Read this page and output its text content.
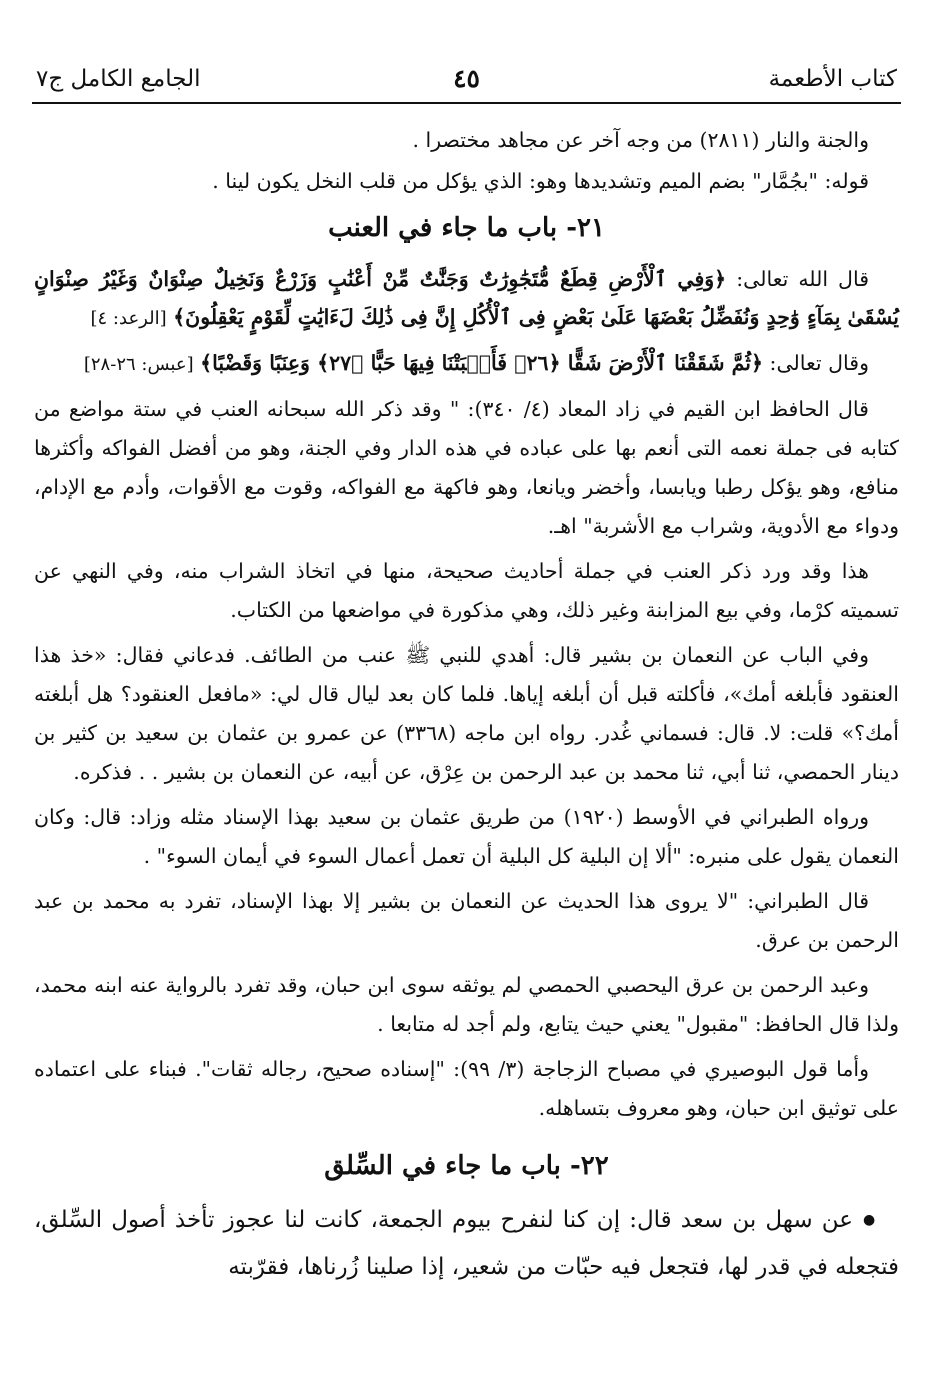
كتاب الأطعمة
٤٥
الجامع الكامل ج٧

والجنة والنار (٢٨١١) من وجه آخر عن مجاهد مختصرا .

قوله: "بجُمَّار" بضم الميم وتشديدها وهو: الذي يؤكل من قلب النخل يكون لينا .

٢١- باب ما جاء في العنب

قال الله تعالى: ﴿وَفِي ٱلْأَرْضِ قِطَعٌ مُّتَجَٰوِرَٰتٌ وَجَنَّٰتٌ مِّنْ أَعْنَٰبٍ وَزَرْعٌ وَنَخِيلٌ صِنْوَانٌ وَغَيْرُ صِنْوَانٍ يُسْقَىٰ بِمَآءٍ وَٰحِدٍ وَنُفَضِّلُ بَعْضَهَا عَلَىٰ بَعْضٍ فِى ٱلْأُكُلِ إِنَّ فِى ذَٰلِكَ لَءَايَٰتٍ لِّقَوْمٍ يَعْقِلُونَ﴾ [الرعد: ٤]

وقال تعالى: ﴿ثُمَّ شَقَقْنَا ٱلْأَرْضَ شَقًّا ﴿٢٦﴾ فَأَنۢبَتْنَا فِيهَا حَبًّا ﴿٢٧﴾ وَعِنَبًا وَقَضْبًا﴾ [عبس: ٢٦-٢٨]

قال الحافظ ابن القيم في زاد المعاد (٤/ ٣٤٠): " وقد ذكر الله سبحانه العنب في ستة مواضع من كتابه فى جملة نعمه التى أنعم بها على عباده في هذه الدار وفي الجنة، وهو من أفضل الفواكه وأكثرها منافع، وهو يؤكل رطبا ويابسا، وأخضر ويانعا، وهو فاكهة مع الفواكه، وقوت مع الأقوات، وأدم مع الإدام، ودواء مع الأدوية، وشراب مع الأشربة" اهـ.

هذا وقد ورد ذكر العنب في جملة أحاديث صحيحة، منها في اتخاذ الشراب منه، وفي النهي عن تسميته كرْما، وفي بيع المزابنة وغير ذلك، وهي مذكورة في مواضعها من الكتاب.

وفي الباب عن النعمان بن بشير قال: أهدي للنبي ﷺ عنب من الطائف. فدعاني فقال: «خذ هذا العنقود فأبلغه أمك»، فأكلته قبل أن أبلغه إياها. فلما كان بعد ليال قال لي: «مافعل العنقود؟ هل أبلغته أمك؟» قلت: لا. قال: فسماني غُدر. رواه ابن ماجه (٣٣٦٨) عن عمرو بن عثمان بن سعيد بن كثير بن دينار الحمصي، ثنا أبي، ثنا محمد بن عبد الرحمن بن عِرْق، عن أبيه، عن النعمان بن بشير . . فذكره.

ورواه الطبراني في الأوسط (١٩٢٠) من طريق عثمان بن سعيد بهذا الإسناد مثله وزاد: قال: وكان النعمان يقول على منبره: "ألا إن البلية كل البلية أن تعمل أعمال السوء في أيمان السوء" .

قال الطبراني: "لا يروى هذا الحديث عن النعمان بن بشير إلا بهذا الإسناد، تفرد به محمد بن عبد الرحمن بن عرق.

وعبد الرحمن بن عرق اليحصبي الحمصي لم يوثقه سوى ابن حبان، وقد تفرد بالرواية عنه ابنه محمد، ولذا قال الحافظ: "مقبول" يعني حيث يتابع، ولم أجد له متابعا .

وأما قول البوصيري في مصباح الزجاجة (٣/ ٩٩): "إسناده صحيح، رجاله ثقات". فبناء على اعتماده على توثيق ابن حبان، وهو معروف بتساهله.

٢٢- باب ما جاء في السِّلق

● عن سهل بن سعد قال: إن كنا لنفرح بيوم الجمعة، كانت لنا عجوز تأخذ أصول السِّلق، فتجعله في قدر لها، فتجعل فيه حبّات من شعير، إذا صلينا زُرناها، فقرّبته
